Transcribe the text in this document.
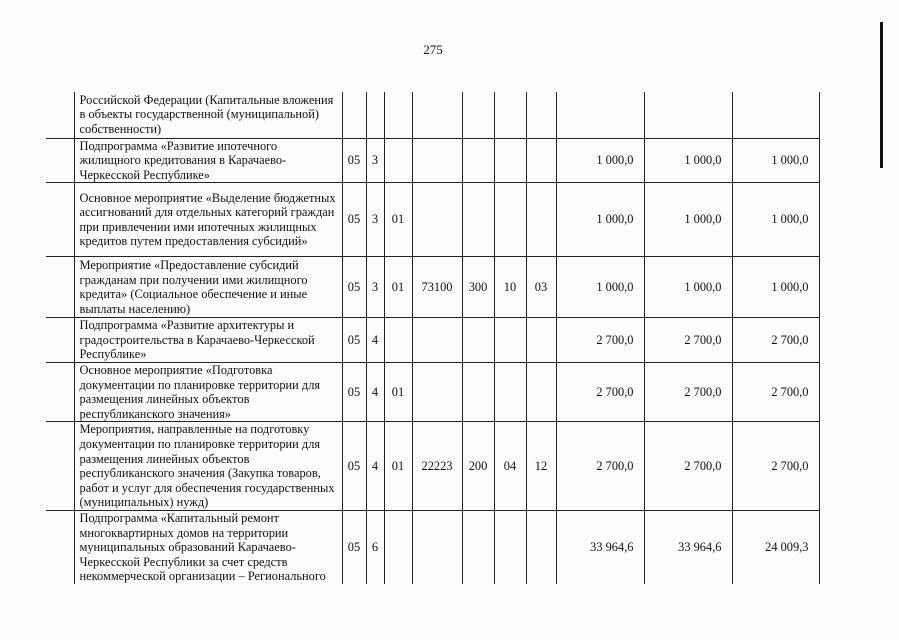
275
	Российской Федерации (Капитальные вложения в объекты государственной (муниципальной) собственности)										
	Подпрограмма «Развитие ипотечного жилищного кредитования в Карачаево-Черкесской Республике»	05	3						1 000,0	1 000,0	1 000,0
	Основное мероприятие «Выделение бюджетных ассигнований для отдельных категорий граждан при привлечении ими ипотечных жилищных кредитов путем предоставления субсидий»	05	3	01					1 000,0	1 000,0	1 000,0
	Мероприятие «Предоставление субсидий гражданам при получении ими жилищного кредита» (Социальное обеспечение и иные выплаты населению)	05	3	01	73100	300	10	03	1 000,0	1 000,0	1 000,0
	Подпрограмма «Развитие архитектуры и градостроительства в Карачаево-Черкесской Республике»	05	4						2 700,0	2 700,0	2 700,0
	Основное мероприятие «Подготовка документации по планировке территории для размещения линейных объектов республиканского значения»	05	4	01					2 700,0	2 700,0	2 700,0
	Мероприятия, направленные на подготовку документации по планировке территории для размещения линейных объектов республиканского значения (Закупка товаров, работ и услуг для обеспечения государственных (муниципальных) нужд)	05	4	01	22223	200	04	12	2 700,0	2 700,0	2 700,0
	Подпрограмма «Капитальный ремонт многоквартирных домов на территории муниципальных образований Карачаево-Черкесской Республики за счет средств некоммерческой организации – Регионального	05	6						33 964,6	33 964,6	24 009,3
